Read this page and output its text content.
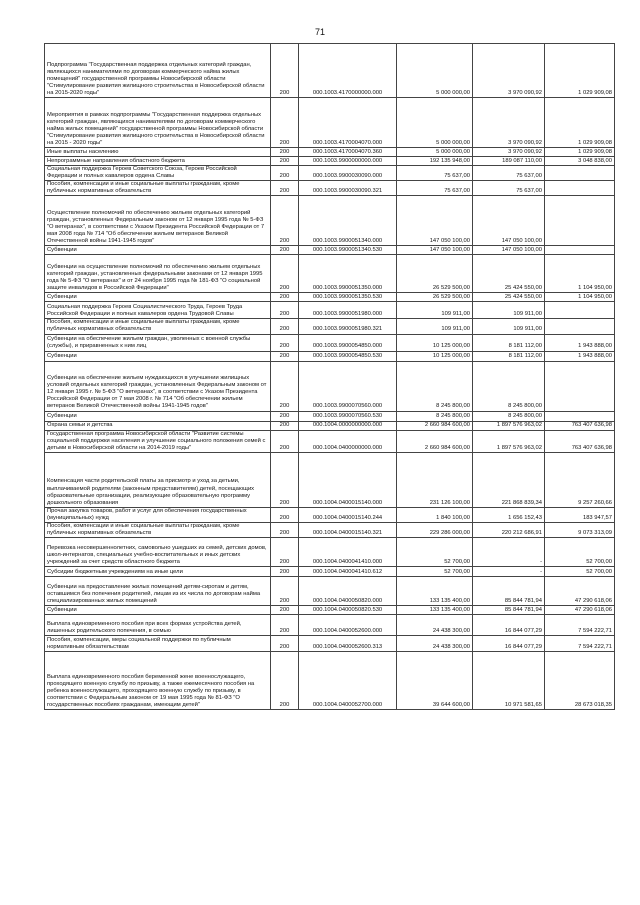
71
Подпрограмма "Государственная поддержка отдельных категорий граждан, являющихся нанимателями по договорам коммерческого найма жилых помещений" государственной программы Новосибирской области "Стимулирование развития жилищного строительства в Новосибирской области на 2015-2020 годы"	200	000.1003.4170000000.000	5 000 000,00	3 970 090,92	1 029 909,08
Мероприятия в рамках подпрограммы "Государственная поддержка отдельных категорий граждан, являющихся нанимателями по договорам коммерческого найма жилых помещений" государственной программы Новосибирской области "Стимулирование развития жилищного строительства в Новосибирской области на 2015 - 2020 годы"	200	000.1003.4170004070.000	5 000 000,00	3 970 090,92	1 029 909,08
Иные выплаты населению	200	000.1003.4170004070.360	5 000 000,00	3 970 090,92	1 029 909,08
Непрограммные направления областного бюджета	200	000.1003.9900000000.000	192 135 948,00	189 087 110,00	3 048 838,00
Социальная поддержка Героев Советского Союза, Героев Российской Федерации и полных кавалеров ордена Славы	200	000.1003.9900030090.000	75 637,00	75 637,00	
Пособия, компенсации и иные социальные выплаты гражданам, кроме публичных нормативных обязательств	200	000.1003.9900030090.321	75 637,00	75 637,00	
Осуществление полномочий по обеспечению жильем отдельных категорий граждан, установленных Федеральным законом от 12 января 1995 года № 5-ФЗ "О ветеранах", в соответствии с Указом Президента Российской Федерации от 7 мая 2008 года № 714 "Об обеспечении жильем ветеранов Великой Отечественной войны 1941-1945 годов"	200	000.1003.9900051340.000	147 050 100,00	147 050 100,00	
Субвенции	200	000.1003.9900051340.530	147 050 100,00	147 050 100,00	
Субвенции на осуществление полномочий по обеспечению жильем отдельных категорий граждан, установленных федеральными законами от 12 января 1995 года № 5-ФЗ "О ветеранах" и от 24 ноября 1995 года № 181-ФЗ "О социальной защите инвалидов в Российской Федерации"	200	000.1003.9900051350.000	26 529 500,00	25 424 550,00	1 104 950,00
Субвенции	200	000.1003.9900051350.530	26 529 500,00	25 424 550,00	1 104 950,00
Социальная поддержка Героев Социалистического Труда, Героев Труда Российской Федерации и полных кавалеров ордена Трудовой Славы	200	000.1003.9900051980.000	109 911,00	109 911,00	
Пособия, компенсации и иные социальные выплаты гражданам, кроме публичных нормативных обязательств	200	000.1003.9900051980.321	109 911,00	109 911,00	
Субвенции на обеспечение жильем граждан, уволенных с военной службы (службы), и приравненных к ним лиц	200	000.1003.9900054850.000	10 125 000,00	8 181 112,00	1 943 888,00
Субвенции	200	000.1003.9900054850.530	10 125 000,00	8 181 112,00	1 943 888,00
Субвенции на обеспечение жильем нуждающихся в улучшении жилищных условий отдельных категорий граждан, установленных Федеральным законом от 12 января 1995 г. № 5-ФЗ "О ветеранах", в соответствии с Указом Президента Российской Федерации от 7 мая 2008 г. № 714 "Об обеспечении жильем ветеранов Великой Отечественной войны 1941-1945 годов"	200	000.1003.9900070560.000	8 245 800,00	8 245 800,00	
Субвенции	200	000.1003.9900070560.530	8 245 800,00	8 245 800,00	
Охрана семьи и детства	200	000.1004.0000000000.000	2 660 984 600,00	1 897 576 963,02	763 407 636,98
Государственная программа Новосибирской области "Развитие системы социальной поддержки населения и улучшение социального положения семей с детьми в Новосибирской области на 2014-2019 годы"	200	000.1004.0400000000.000	2 660 984 600,00	1 897 576 963,02	763 407 636,98
Компенсация части родительской платы за присмотр и уход за детьми, выплачиваемой родителям (законным представителям) детей, посещающих образовательные организации, реализующие образовательную программу дошкольного образования	200	000.1004.0400015140.000	231 126 100,00	221 868 839,34	9 257 260,66
Прочая закупка товаров, работ и услуг для обеспечения государственных (муниципальных) нужд	200	000.1004.0400015140.244	1 840 100,00	1 656 152,43	183 947,57
Пособия, компенсации и иные социальные выплаты гражданам, кроме публичных нормативных обязательств	200	000.1004.0400015140.321	229 286 000,00	220 212 686,91	9 073 313,09
Перевозка несовершеннолетних, самовольно ушедших из семей, детских домов, школ-интернатов, специальных учебно-воспитательных и иных детских учреждений за счет средств областного бюджета	200	000.1004.0400041410.000	52 700,00	-	52 700,00
Субсидии бюджетным учреждениям на иные цели	200	000.1004.0400041410.612	52 700,00	-	52 700,00
Субвенции на предоставление жилых помещений детям-сиротам и детям, оставшимся без попечения родителей, лицам из их числа по договорам найма специализированных жилых помещений	200	000.1004.0400050820.000	133 135 400,00	85 844 781,94	47 290 618,06
Субвенции	200	000.1004.0400050820.530	133 135 400,00	85 844 781,94	47 290 618,06
Выплата единовременного пособия при всех формах устройства детей, лишенных родительского попечения, в семью	200	000.1004.0400052600.000	24 438 300,00	16 844 077,29	7 594 222,71
Пособия, компенсации, меры социальной поддержки по публичным нормативным обязательствам	200	000.1004.0400052600.313	24 438 300,00	16 844 077,29	7 594 222,71
Выплата единовременного пособия беременной жене военнослужащего, проходящего военную службу по призыву, а также ежемесячного пособия на ребенка военнослужащего, проходящего военную службу по призыву, в соответствии с Федеральным законом от 19 мая 1995 года № 81-ФЗ "О государственных пособиях гражданам, имеющим детей"	200	000.1004.0400052700.000	39 644 600,00	10 971 581,65	28 673 018,35
